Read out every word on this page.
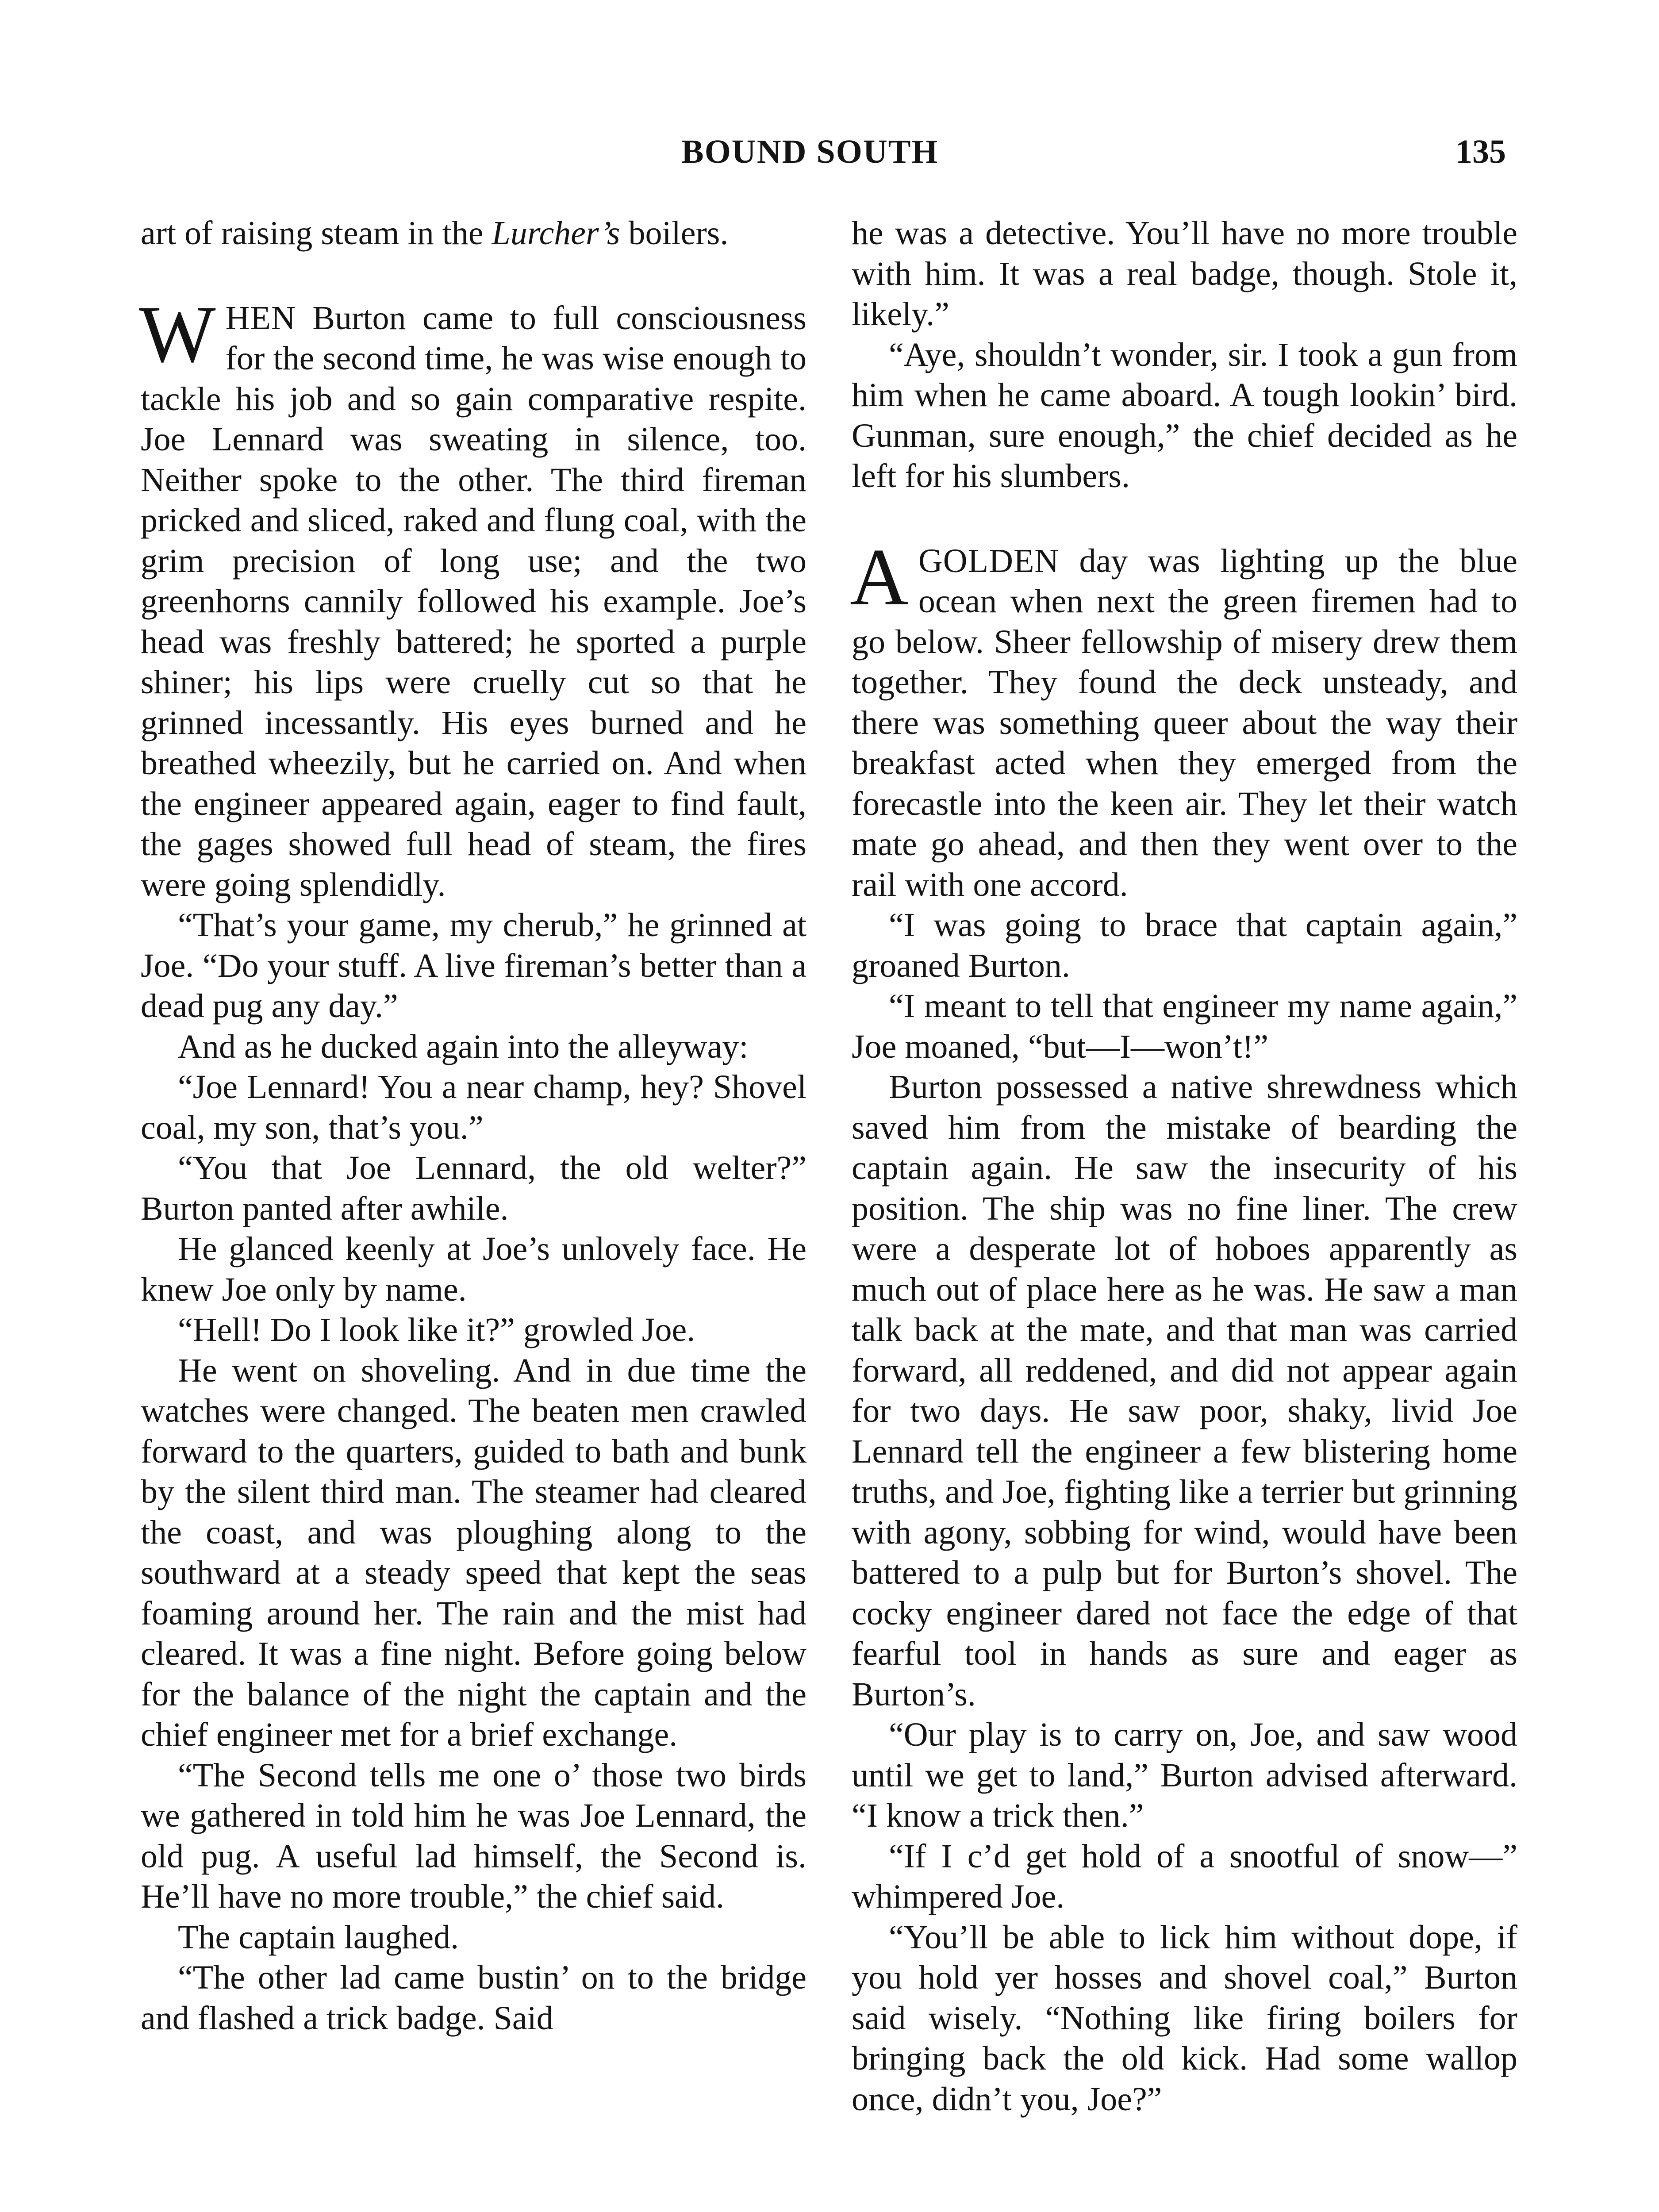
BOUND SOUTH	135

art of raising steam in the Lurcher’s boilers.

WHEN Burton came to full consciousness for the second time, he was wise enough to tackle his job and so gain comparative respite. Joe Lennard was sweating in silence, too. Neither spoke to the other. The third fireman pricked and sliced, raked and flung coal, with the grim precision of long use; and the two greenhorns cannily followed his example. Joe’s head was freshly battered; he sported a purple shiner; his lips were cruelly cut so that he grinned incessantly. His eyes burned and he breathed wheezily, but he carried on. And when the engineer appeared again, eager to find fault, the gages showed full head of steam, the fires were going splendidly.

“That’s your game, my cherub,” he grinned at Joe. “Do your stuff. A live fireman’s better than a dead pug any day.”

And as he ducked again into the alleyway:

“Joe Lennard! You a near champ, hey? Shovel coal, my son, that’s you.”

“You that Joe Lennard, the old welter?” Burton panted after awhile.

He glanced keenly at Joe’s unlovely face. He knew Joe only by name.

“Hell! Do I look like it?” growled Joe.

He went on shoveling. And in due time the watches were changed. The beaten men crawled forward to the quarters, guided to bath and bunk by the silent third man. The steamer had cleared the coast, and was ploughing along to the southward at a steady speed that kept the seas foaming around her. The rain and the mist had cleared. It was a fine night. Before going below for the balance of the night the captain and the chief engineer met for a brief exchange.

“The Second tells me one o’ those two birds we gathered in told him he was Joe Lennard, the old pug. A useful lad himself, the Second is. He’ll have no more trouble,” the chief said.

The captain laughed.

“The other lad came bustin’ on to the bridge and flashed a trick badge. Said

he was a detective. You’ll have no more trouble with him. It was a real badge, though. Stole it, likely.”

“Aye, shouldn’t wonder, sir. I took a gun from him when he came aboard. A tough lookin’ bird. Gunman, sure enough,” the chief decided as he left for his slumbers.

AGOLDEN day was lighting up the blue ocean when next the green firemen had to go below. Sheer fellowship of misery drew them together. They found the deck unsteady, and there was something queer about the way their breakfast acted when they emerged from the forecastle into the keen air. They let their watch mate go ahead, and then they went over to the rail with one accord.

“I was going to brace that captain again,” groaned Burton.

“I meant to tell that engineer my name again,” Joe moaned, “but—I—won’t!”

Burton possessed a native shrewdness which saved him from the mistake of bearding the captain again. He saw the insecurity of his position. The ship was no fine liner. The crew were a desperate lot of hoboes apparently as much out of place here as he was. He saw a man talk back at the mate, and that man was carried forward, all reddened, and did not appear again for two days. He saw poor, shaky, livid Joe Lennard tell the engineer a few blistering home truths, and Joe, fighting like a terrier but grinning with agony, sobbing for wind, would have been battered to a pulp but for Burton’s shovel. The cocky engineer dared not face the edge of that fearful tool in hands as sure and eager as Burton’s.

“Our play is to carry on, Joe, and saw wood until we get to land,” Burton advised afterward. “I know a trick then.”

“If I c’d get hold of a snootful of snow—” whimpered Joe.

“You’ll be able to lick him without dope, if you hold yer hosses and shovel coal,” Burton said wisely. “Nothing like firing boilers for bringing back the old kick. Had some wallop once, didn’t you, Joe?”
